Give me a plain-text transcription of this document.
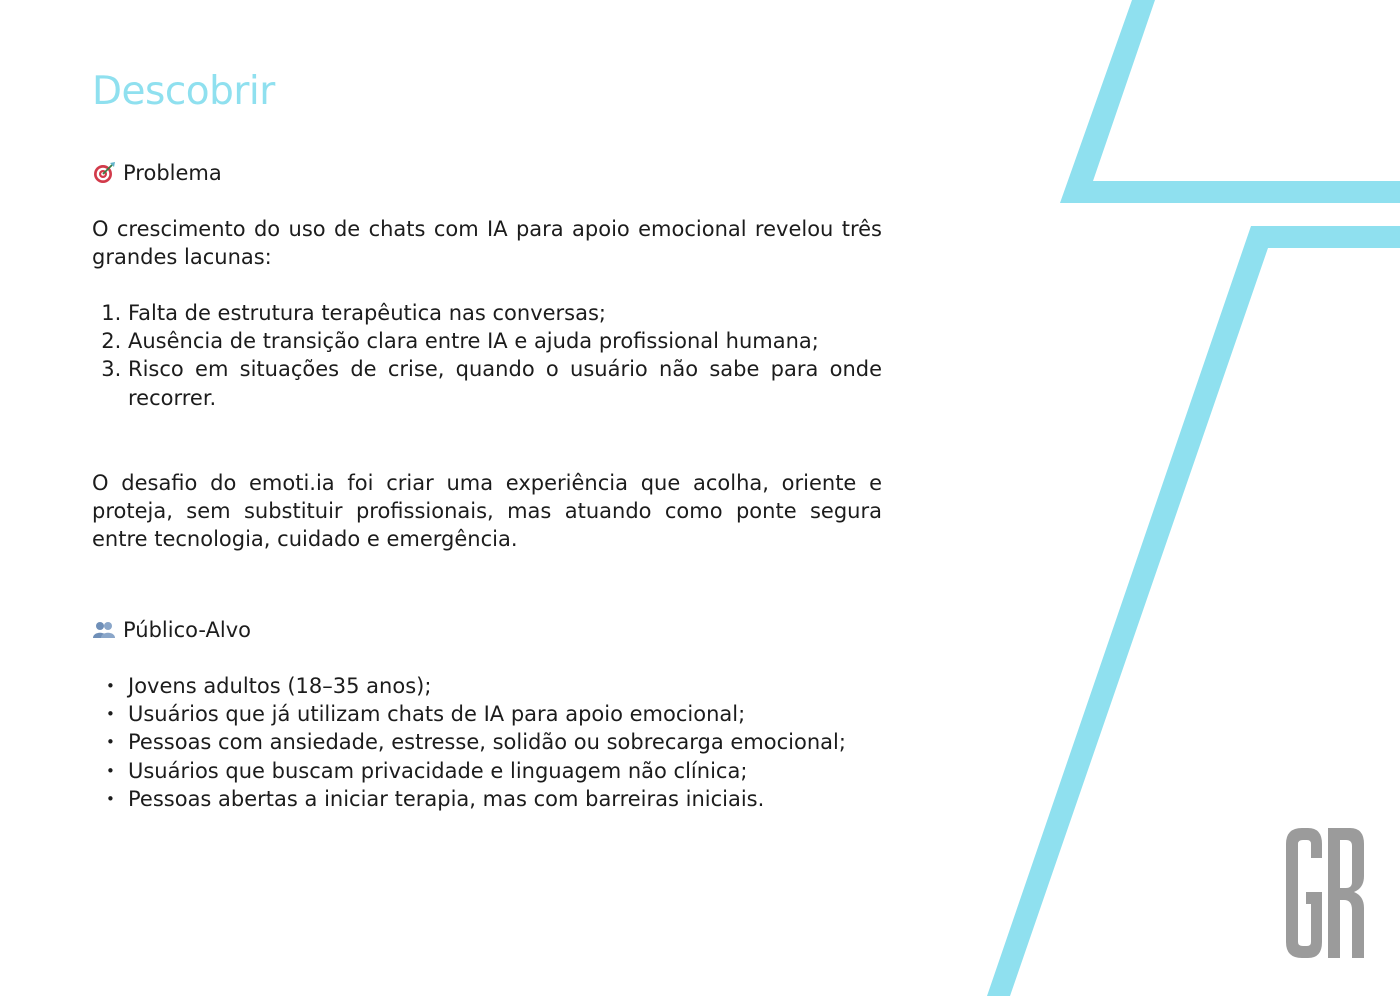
Descobrir
Problema

O crescimento do uso de chats com IA para apoio emocional revelou três grandes lacunas:

1. Falta de estrutura terapêutica nas conversas;
2. Ausência de transição clara entre IA e ajuda profissional humana;
3. Risco em situações de crise, quando o usuário não sabe para onde recorrer.

O desafio do emoti.ia foi criar uma experiência que acolha, oriente e proteja, sem substituir profissionais, mas atuando como ponte segura entre tecnologia, cuidado e emergência.

Público-Alvo
• Jovens adultos (18–35 anos);
• Usuários que já utilizam chats de IA para apoio emocional;
• Pessoas com ansiedade, estresse, solidão ou sobrecarga emocional;
• Usuários que buscam privacidade e linguagem não clínica;
• Pessoas abertas a iniciar terapia, mas com barreiras iniciais.
